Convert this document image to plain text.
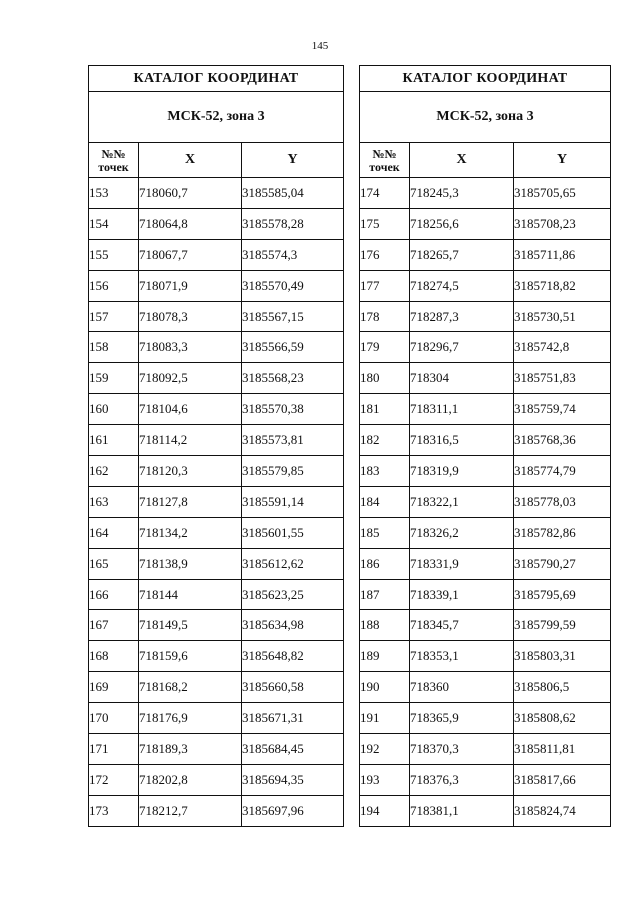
145
КАТАЛОГ КООРДИНАТ		
МСК-52, зона 3		

№№
точек	X	Y
153	718060,7	3185585,04
154	718064,8	3185578,28
155	718067,7	3185574,3
156	718071,9	3185570,49
157	718078,3	3185567,15
158	718083,3	3185566,59
159	718092,5	3185568,23
160	718104,6	3185570,38
161	718114,2	3185573,81
162	718120,3	3185579,85
163	718127,8	3185591,14
164	718134,2	3185601,55
165	718138,9	3185612,62
166	718144	3185623,25
167	718149,5	3185634,98
168	718159,6	3185648,82
169	718168,2	3185660,58
170	718176,9	3185671,31
171	718189,3	3185684,45
172	718202,8	3185694,35
173	718212,7	3185697,96
КАТАЛОГ КООРДИНАТ		
МСК-52, зона 3		

№№
точек	X	Y
174	718245,3	3185705,65
175	718256,6	3185708,23
176	718265,7	3185711,86
177	718274,5	3185718,82
178	718287,3	3185730,51
179	718296,7	3185742,8
180	718304	3185751,83
181	718311,1	3185759,74
182	718316,5	3185768,36
183	718319,9	3185774,79
184	718322,1	3185778,03
185	718326,2	3185782,86
186	718331,9	3185790,27
187	718339,1	3185795,69
188	718345,7	3185799,59
189	718353,1	3185803,31
190	718360	3185806,5
191	718365,9	3185808,62
192	718370,3	3185811,81
193	718376,3	3185817,66
194	718381,1	3185824,74
